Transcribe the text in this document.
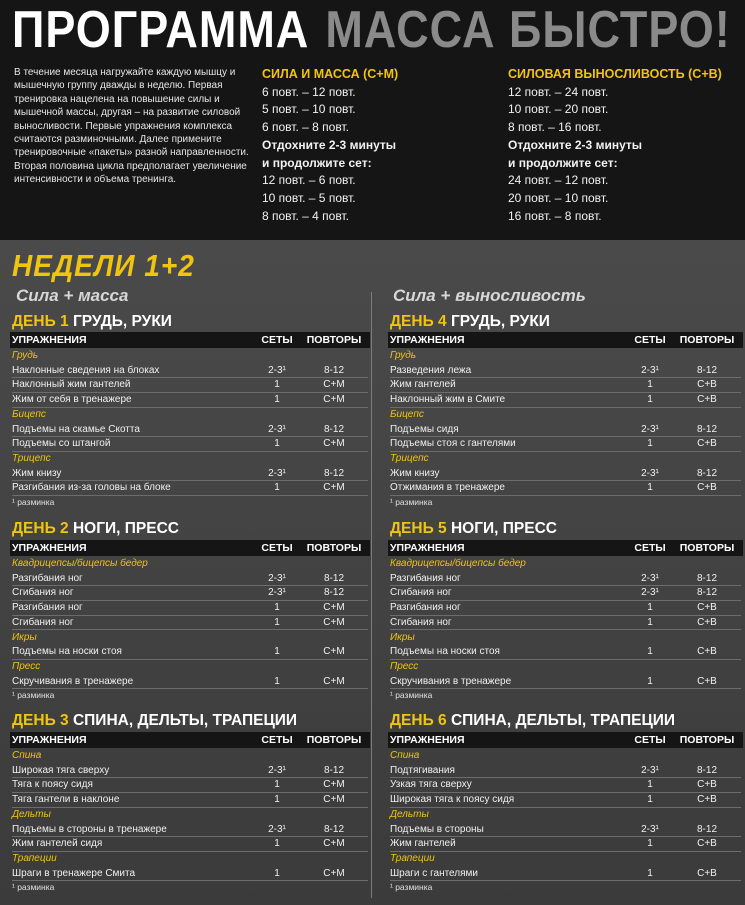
ПРОГРАММА МАССА БЫСТРО!
В течение месяца нагружайте каждую мышцу и мышечную группу дважды в неделю. Первая тренировка нацелена на повышение силы и мышечной массы, другая – на развитие силовой выносливости. Первые упражнения комплекса считаются разминочными. Далее примените тренировочные «пакеты» разной направленности. Вторая половина цикла предполагает увеличение интенсивности и объема тренинга.
СИЛА И МАССА (С+М)
6 повт. – 12 повт.
5 повт. – 10 повт.
6 повт. – 8 повт.
Отдохните 2-3 минуты
и продолжите сет:
12 повт. – 6 повт.
10 повт. – 5 повт.
8 повт. – 4 повт.
СИЛОВАЯ ВЫНОСЛИВОСТЬ (С+В)
12 повт. – 24 повт.
10 повт. – 20 повт.
8 повт. – 16 повт.
Отдохните 2-3 минуты
и продолжите сет:
24 повт. – 12 повт.
20 повт. – 10 повт.
16 повт. – 8 повт.
НЕДЕЛИ 1+2
Сила + масса	Сила + выносливость
ДЕНЬ 1 ГРУДЬ, РУКИ
УПРАЖНЕНИЯ	СЕТЫ	ПОВТОРЫ
Грудь
Наклонные сведения на блоках	2-3¹	8-12
Наклонный жим гантелей	1	С+М
Жим от себя в тренажере	1	С+М
Бицепс
Подъемы на скамье Скотта	2-3¹	8-12
Подъемы со штангой	1	С+М
Трицепс
Жим книзу	2-3¹	8-12
Разгибания из-за головы на блоке	1	С+М
¹ разминка
ДЕНЬ 4 ГРУДЬ, РУКИ
УПРАЖНЕНИЯ	СЕТЫ	ПОВТОРЫ
Грудь
Разведения лежа	2-3¹	8-12
Жим гантелей	1	С+В
Наклонный жим в Смите	1	С+В
Бицепс
Подъемы сидя	2-3¹	8-12
Подъемы стоя с гантелями	1	С+В
Трицепс
Жим книзу	2-3¹	8-12
Отжимания в тренажере	1	С+В
¹ разминка
ДЕНЬ 2 НОГИ, ПРЕСС
УПРАЖНЕНИЯ	СЕТЫ	ПОВТОРЫ
Квадрицепсы/бицепсы бедер
Разгибания ног	2-3¹	8-12
Сгибания ног	2-3¹	8-12
Разгибания ног	1	С+М
Сгибания ног	1	С+М
Икры
Подъемы на носки стоя	1	С+М
Пресс
Скручивания в тренажере	1	С+М
¹ разминка
ДЕНЬ 5 НОГИ, ПРЕСС
УПРАЖНЕНИЯ	СЕТЫ	ПОВТОРЫ
Квадрицепсы/бицепсы бедер
Разгибания ног	2-3¹	8-12
Сгибания ног	2-3¹	8-12
Разгибания ног	1	С+В
Сгибания ног	1	С+В
Икры
Подъемы на носки стоя	1	С+В
Пресс
Скручивания в тренажере	1	С+В
¹ разминка
ДЕНЬ 3 СПИНА, ДЕЛЬТЫ, ТРАПЕЦИИ
УПРАЖНЕНИЯ	СЕТЫ	ПОВТОРЫ
Спина
Широкая тяга сверху	2-3¹	8-12
Тяга к поясу сидя	1	С+М
Тяга гантели в наклоне	1	С+М
Дельты
Подъемы в стороны в тренажере	2-3¹	8-12
Жим гантелей сидя	1	С+М
Трапеции
Шраги в тренажере Смита	1	С+М
¹ разминка
ДЕНЬ 6 СПИНА, ДЕЛЬТЫ, ТРАПЕЦИИ
УПРАЖНЕНИЯ	СЕТЫ	ПОВТОРЫ
Спина
Подтягивания	2-3¹	8-12
Узкая тяга сверху	1	С+В
Широкая тяга к поясу сидя	1	С+В
Дельты
Подъемы в стороны	2-3¹	8-12
Жим гантелей	1	С+В
Трапеции
Шраги с гантелями	1	С+В
¹ разминка
